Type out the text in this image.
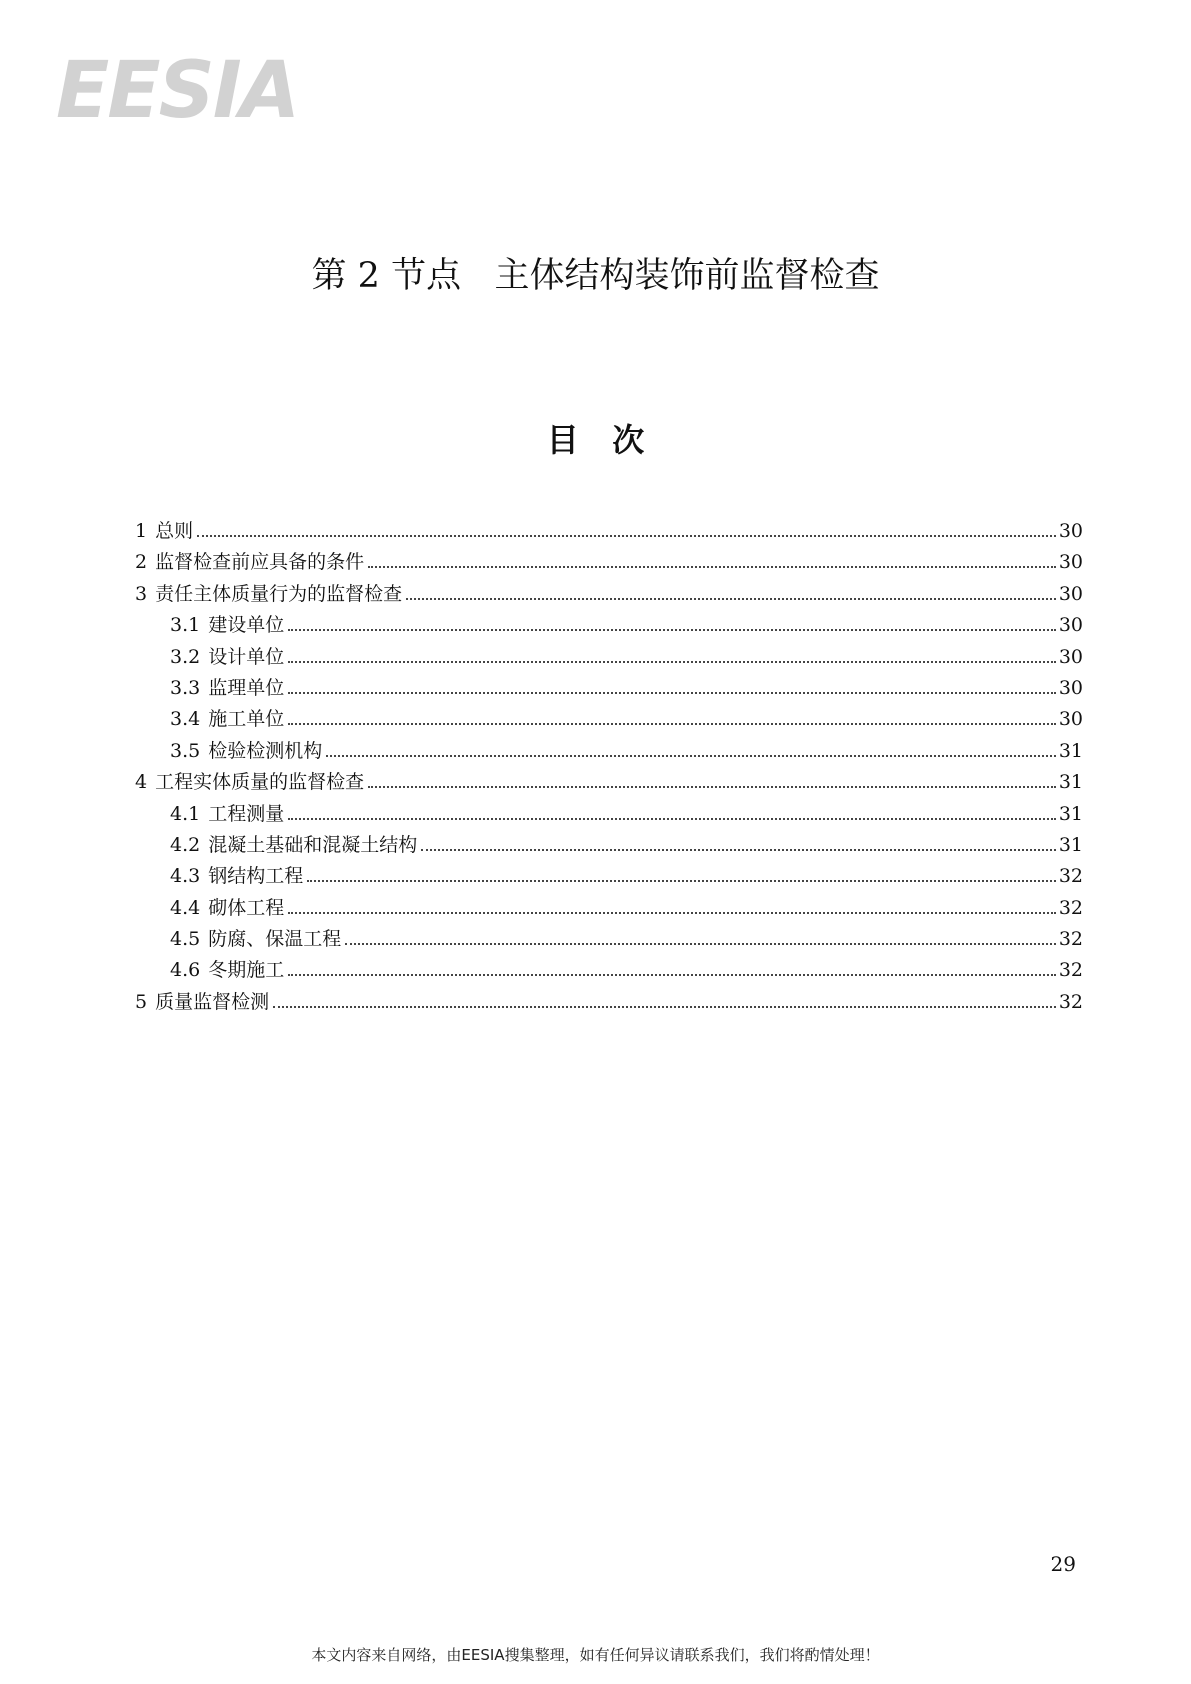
EESIA
第 2 节点   主体结构装饰前监督检查
目   次
1 总则	30
2 监督检查前应具备的条件	30
3 责任主体质量行为的监督检查	30
3.1 建设单位	30
3.2 设计单位	30
3.3 监理单位	30
3.4 施工单位	30
3.5 检验检测机构	31
4 工程实体质量的监督检查	31
4.1 工程测量	31
4.2 混凝土基础和混凝土结构	31
4.3 钢结构工程	32
4.4 砌体工程	32
4.5 防腐、保温工程	32
4.6 冬期施工	32
5 质量监督检测	32
29
本文内容来自网络，由EESIA搜集整理，如有任何异议请联系我们，我们将酌情处理！
